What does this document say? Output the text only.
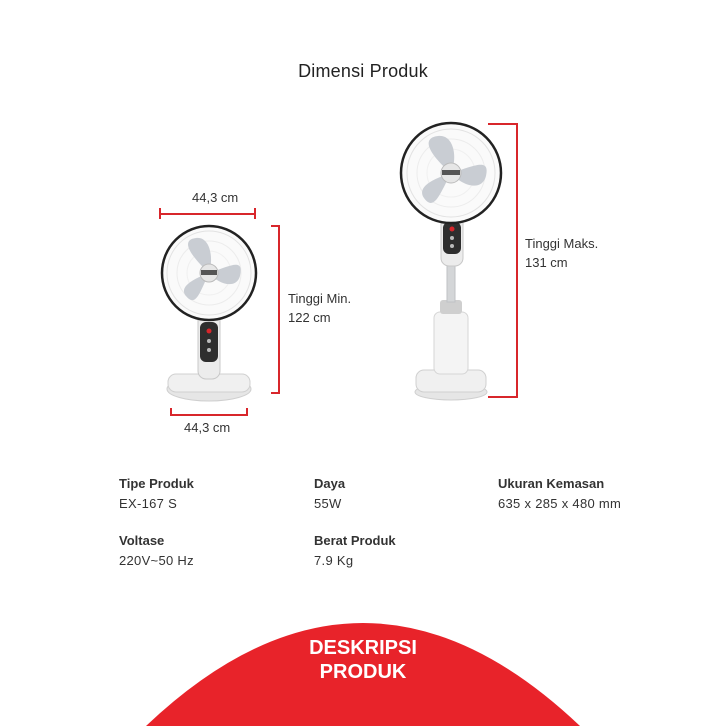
Dimensi Produk
44,3 cm
44,3 cm
Tinggi Min.
122 cm
Tinggi Maks.
131 cm
Tipe Produk
EX-167 S
Daya
55W
Ukuran Kemasan
635 x 285 x 480 mm
Voltase
220V~50 Hz
Berat Produk
7.9 Kg
DESKRIPSI
PRODUK
